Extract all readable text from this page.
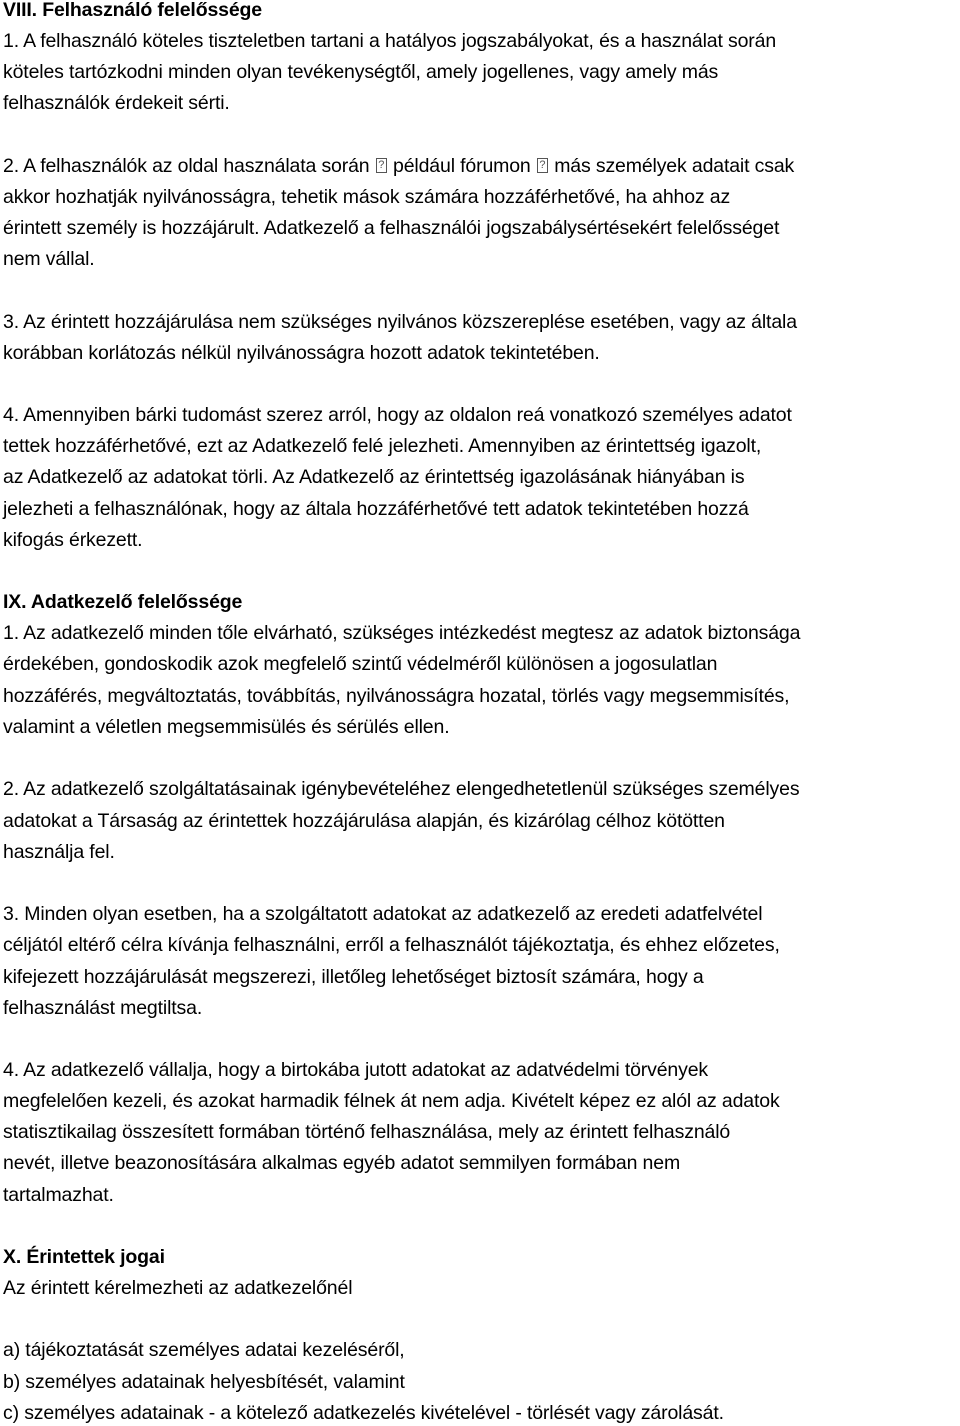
VIII. Felhasználó felelőssége
1. A felhasználó köteles tiszteletben tartani a hatályos jogszabályokat, és a használat során
köteles tartózkodni minden olyan tevékenységtől, amely jogellenes, vagy amely más
felhasználók érdekeit sérti.
2. A felhasználók az oldal használata során ? például fórumon ? más személyek adatait csak
akkor hozhatják nyilvánosságra, tehetik mások számára hozzáférhetővé, ha ahhoz az
érintett személy is hozzájárult. Adatkezelő a felhasználói jogszabálysértésekért felelősséget
nem vállal.
3. Az érintett hozzájárulása nem szükséges nyilvános közszereplése esetében, vagy az általa
korábban korlátozás nélkül nyilvánosságra hozott adatok tekintetében.
4. Amennyiben bárki tudomást szerez arról, hogy az oldalon reá vonatkozó személyes adatot
tettek hozzáférhetővé, ezt az Adatkezelő felé jelezheti. Amennyiben az érintettség igazolt,
az Adatkezelő az adatokat törli. Az Adatkezelő az érintettség igazolásának hiányában is
jelezheti a felhasználónak, hogy az általa hozzáférhetővé tett adatok tekintetében hozzá
kifogás érkezett.
IX. Adatkezelő felelőssége
1. Az adatkezelő minden tőle elvárható, szükséges intézkedést megtesz az adatok biztonsága
érdekében, gondoskodik azok megfelelő szintű védelméről különösen a jogosulatlan
hozzáférés, megváltoztatás, továbbítás, nyilvánosságra hozatal, törlés vagy megsemmisítés,
valamint a véletlen megsemmisülés és sérülés ellen.
2. Az adatkezelő szolgáltatásainak igénybevételéhez elengedhetetlenül szükséges személyes
adatokat a Társaság az érintettek hozzájárulása alapján, és kizárólag célhoz kötötten
használja fel.
3. Minden olyan esetben, ha a szolgáltatott adatokat az adatkezelő az eredeti adatfelvétel
céljától eltérő célra kívánja felhasználni, erről a felhasználót tájékoztatja, és ehhez előzetes,
kifejezett hozzájárulását megszerezi, illetőleg lehetőséget biztosít számára, hogy a
felhasználást megtiltsa.
4. Az adatkezelő vállalja, hogy a birtokába jutott adatokat az adatvédelmi törvények
megfelelően kezeli, és azokat harmadik félnek át nem adja. Kivételt képez ez alól az adatok
statisztikailag összesített formában történő felhasználása, mely az érintett felhasználó
nevét, illetve beazonosítására alkalmas egyéb adatot semmilyen formában nem
tartalmazhat.
X. Érintettek jogai
Az érintett kérelmezheti az adatkezelőnél
a) tájékoztatását személyes adatai kezeléséről,
b) személyes adatainak helyesbítését, valamint
c) személyes adatainak - a kötelező adatkezelés kivételével - törlését vagy zárolását.
